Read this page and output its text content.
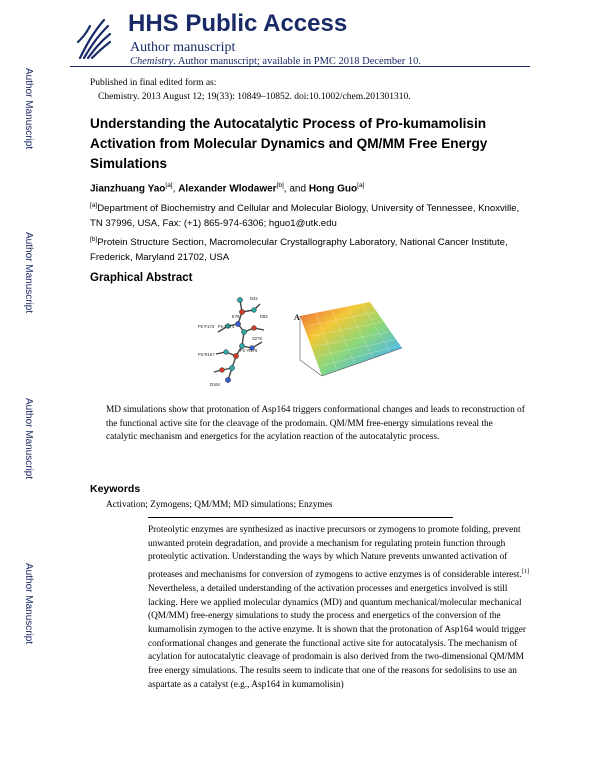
Author Manuscript
Author Manuscript
Author Manuscript
Author Manuscript
HHS Public Access
Author manuscript
Chemistry. Author manuscript; available in PMC 2018 December 10.
Published in final edited form as:
Chemistry. 2013 August 12; 19(33): 10849–10852. doi:10.1002/chem.201301310.
Understanding the Autocatalytic Process of Pro-kumamolisin Activation from Molecular Dynamics and QM/MM Free Energy Simulations
Jianzhuang Yao[a], Alexander Wlodawer[b], and Hong Guo[a]
[a]Department of Biochemistry and Cellular and Molecular Biology, University of Tennessee, Knoxville, TN 37996, USA, Fax: (+1) 865-974-6306; hguo1@utk.edu
[b]Protein Structure Section, Macromolecular Crystallography Laboratory, National Cancer Institute, Frederick, Maryland 21702, USA
Graphical Abstract
D32
E78	D82
P2-F173 P1-F174
S278
P1'-R175
P3-R167
D164
A
MD simulations show that protonation of Asp164 triggers conformational changes and leads to reconstruction of the functional active site for the cleavage of the prodomain. QM/MM free-energy simulations reveal the catalytic mechanism and energetics for the acylation reaction of the autocatalytic process.
Keywords
Activation; Zymogens; QM/MM; MD simulations; Enzymes
Proteolytic enzymes are synthesized as inactive precursors or zymogens to promote folding, prevent unwanted protein degradation, and provide a mechanism for regulating protein function through proteolytic activation. Understanding the ways by which Nature prevents unwanted activation of proteases and mechanisms for conversion of zymogens to active enzymes is of considerable interest.[1] Nevertheless, a detailed understanding of the activation processes and energetics involved is still lacking. Here we applied molecular dynamics (MD) and quantum mechanical/molecular mechanical (QM/MM) free-energy simulations to study the process and energetics of the conversion of the kumamolisin zymogen to the active enzyme. It is shown that the protonation of Asp164 would trigger conformational changes and generate the functional active site for autocatalysis. The mechanism of acylation for autocatalytic cleavage of prodomain is also derived from the two-dimensional QM/MM free energy simulations. The results seem to indicate that one of the reasons for sedolisins to use an aspartate as a catalyst (e.g., Asp164 in kumamolisin)
